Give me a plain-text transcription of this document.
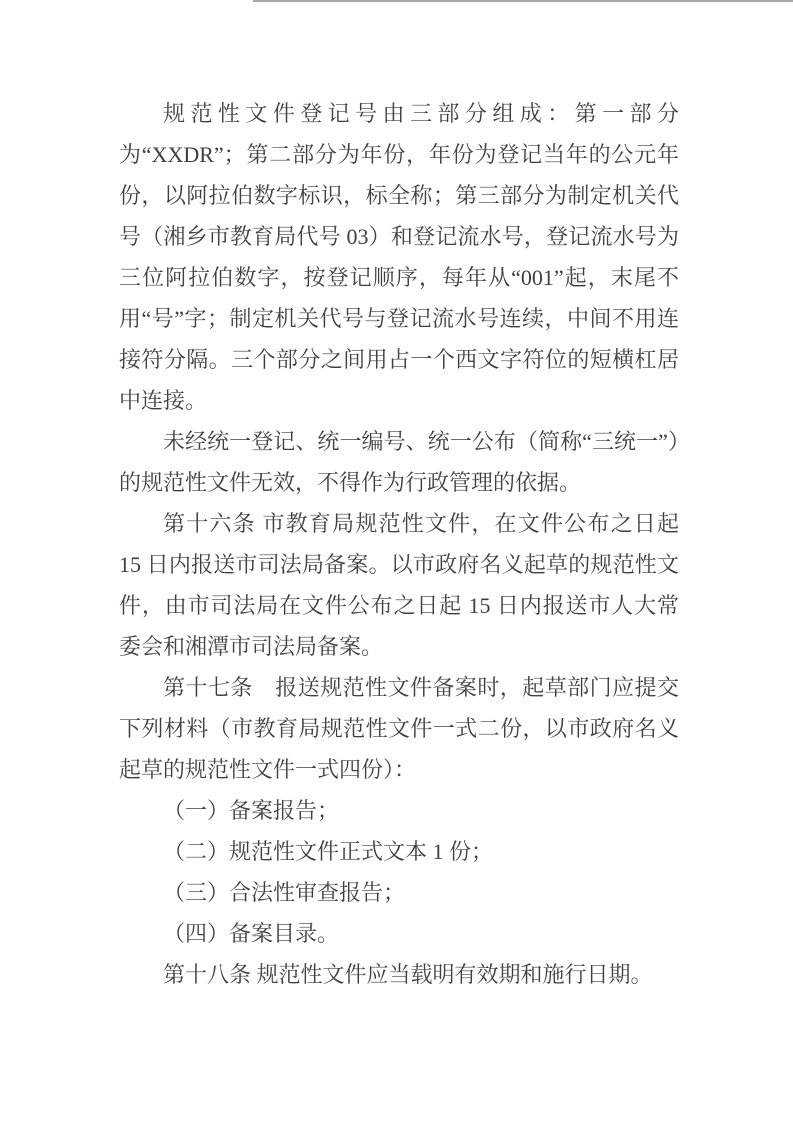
规范性文件登记号由三部分组成：第一部分为“XXDR”；第二部分为年份，年份为登记当年的公元年份，以阿拉伯数字标识，标全称；第三部分为制定机关代号（湘乡市教育局代号 03）和登记流水号，登记流水号为三位阿拉伯数字，按登记顺序，每年从“001”起，末尾不用“号”字；制定机关代号与登记流水号连续，中间不用连接符分隔。三个部分之间用占一个西文字符位的短横杠居中连接。

未经统一登记、统一编号、统一公布（简称“三统一”）的规范性文件无效，不得作为行政管理的依据。

第十六条 市教育局规范性文件，在文件公布之日起 15 日内报送市司法局备案。以市政府名义起草的规范性文件，由市司法局在文件公布之日起 15 日内报送市人大常委会和湘潭市司法局备案。

第十七条　报送规范性文件备案时，起草部门应提交下列材料（市教育局规范性文件一式二份，以市政府名义起草的规范性文件一式四份）：

（一）备案报告；

（二）规范性文件正式文本 1 份；

（三）合法性审查报告；

（四）备案目录。

第十八条 规范性文件应当载明有效期和施行日期。
